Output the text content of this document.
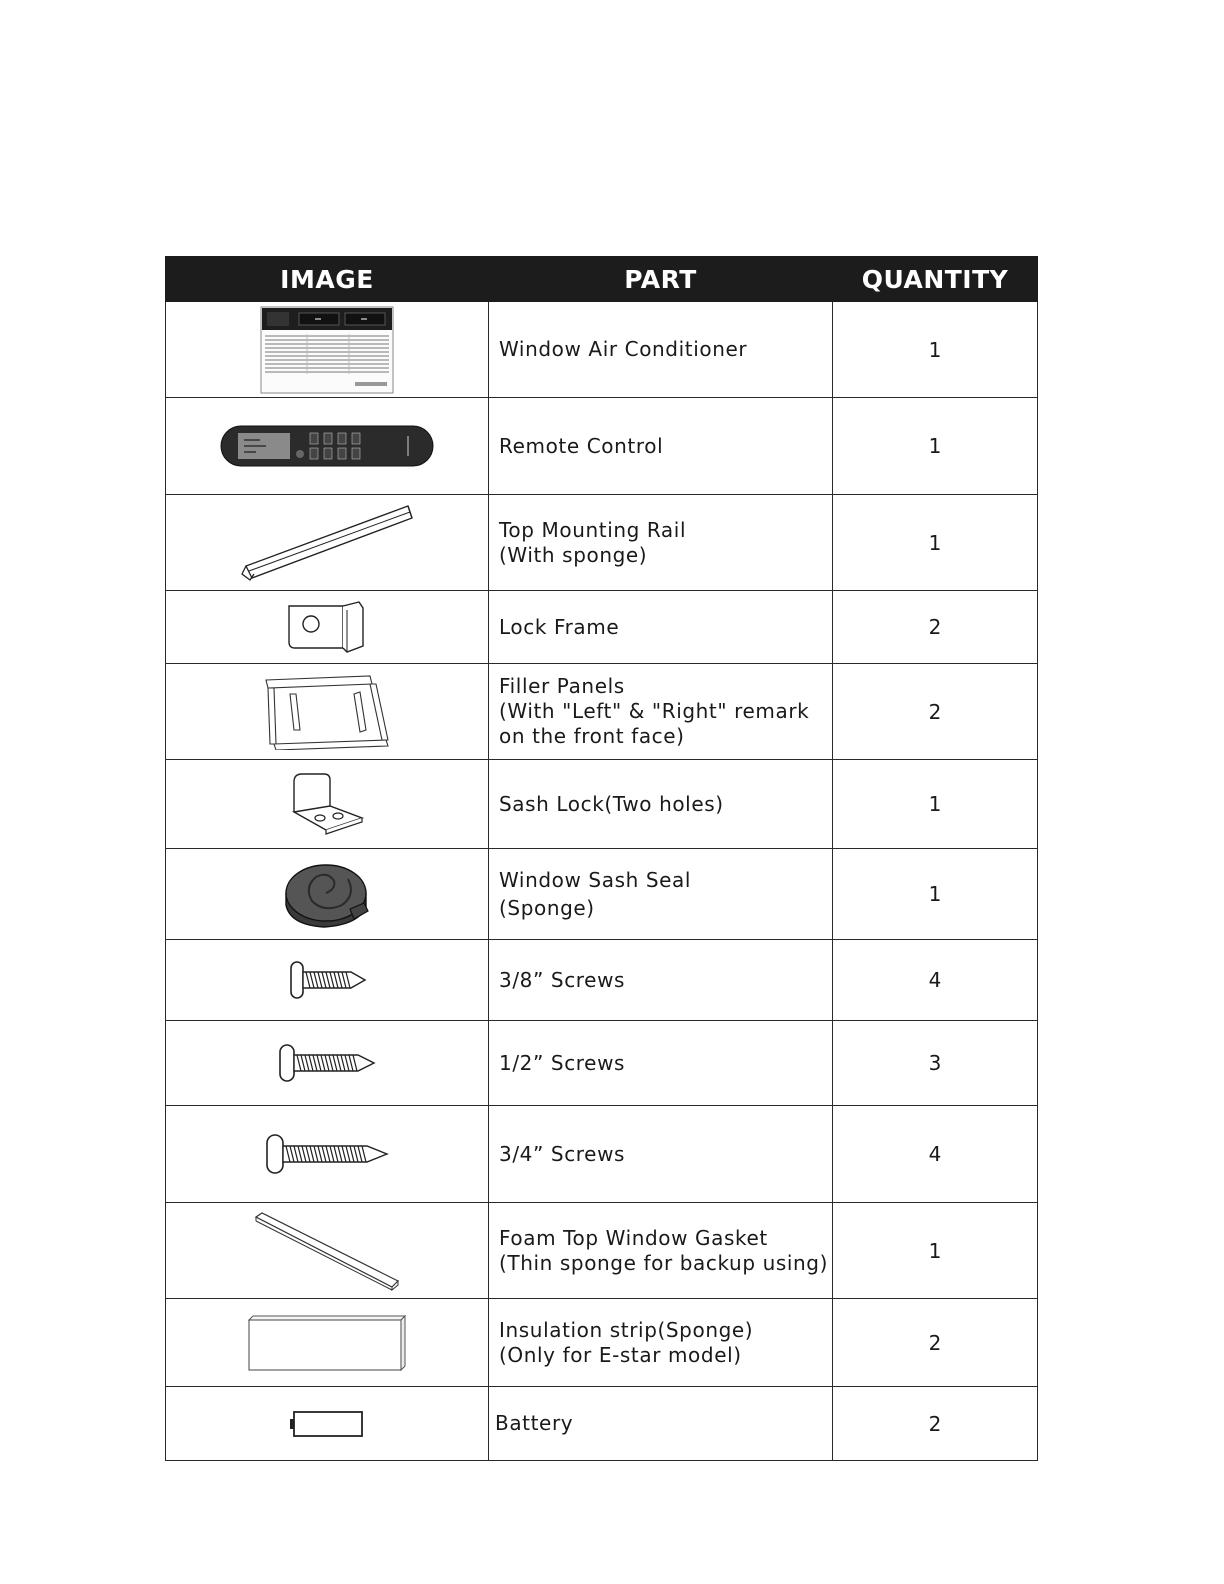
IMAGE	PART	QUANTITY

Window Air Conditioner	1

Remote Control	1

Top Mounting Rail
(With sponge)	1

Lock Frame	2

Filler Panels
(With "Left" & "Right" remark
on the front face)	2

Sash Lock(Two holes)	1

Window Sash Seal
(Sponge)	1

3/8” Screws	4

1/2” Screws	3

3/4” Screws	4

Foam Top Window Gasket
(Thin sponge for backup using)	1

Insulation strip(Sponge)
(Only for E-star model)	2

Battery	2
